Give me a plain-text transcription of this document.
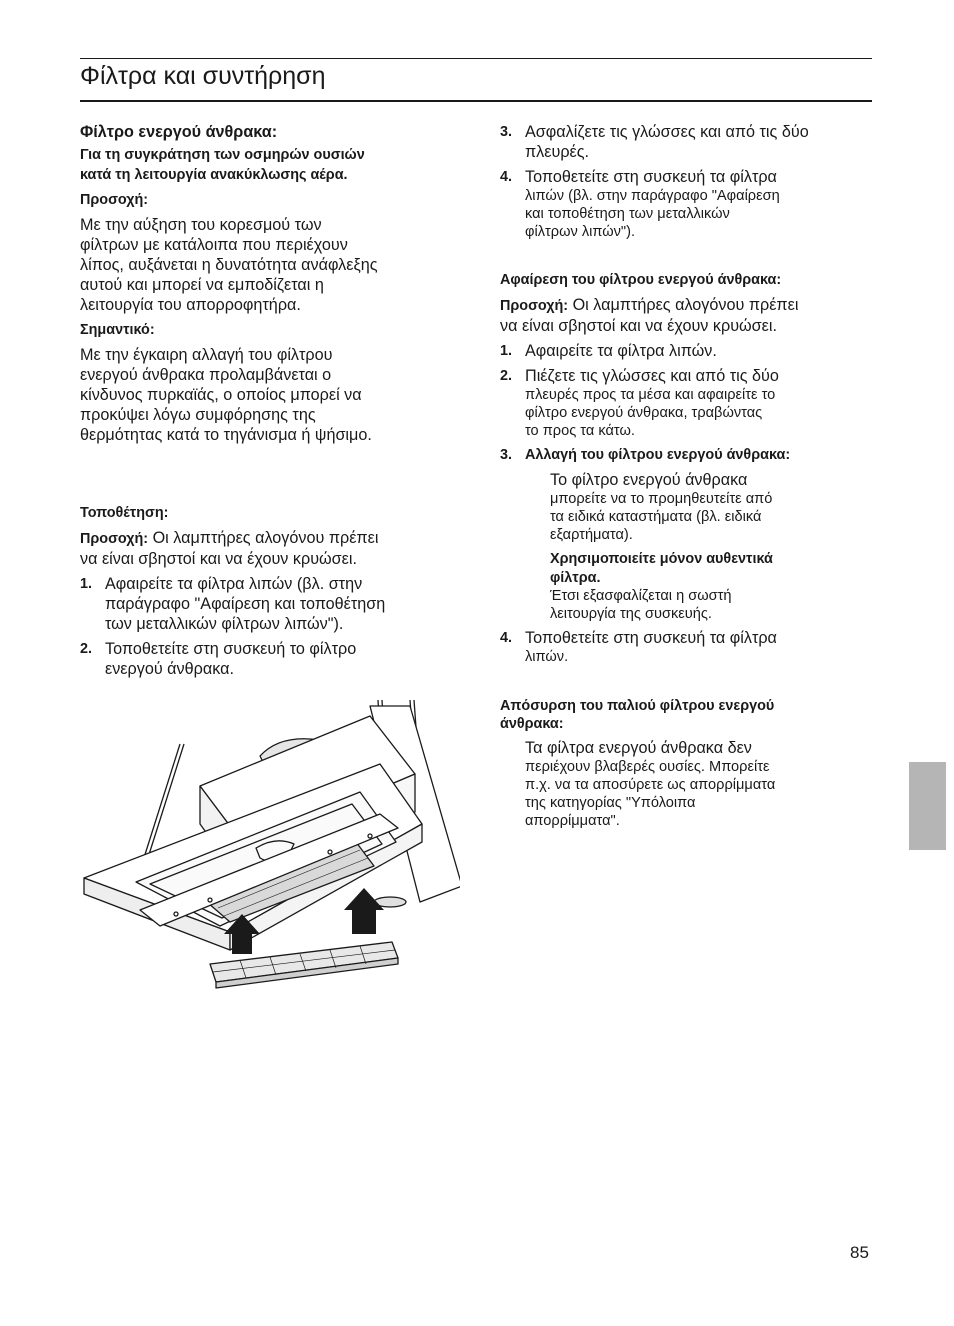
Φίλτρα και συντήρηση
Φίλτρο ενεργού άνθρακα:
Για τη συγκράτηση των οσμηρών ουσιών
κατά τη λειτουργία ανακύκλωσης αέρα.
Προσοχή:
Με την αύξηση του κορεσμού των
φίλτρων με κατάλοιπα που περιέχουν
λίπος, αυξάνεται η δυνατότητα ανάφλεξης
αυτού και μπορεί να εμποδίζεται η
λειτουργία του απορροφητήρα.
Σημαντικό:
Με την έγκαιρη αλλαγή του φίλτρου
ενεργού άνθρακα προλαμβάνεται ο
κίνδυνος πυρκαϊάς, ο οποίος μπορεί να
προκύψει λόγω συμφόρησης της
θερμότητας κατά το τηγάνισμα ή ψήσιμο.
Τοποθέτηση:
Προσοχή: Οι λαμπτήρες αλογόνου πρέπει
να είναι σβηστοί και να έχουν κρυώσει.
1. Αφαιρείτε τα φίλτρα λιπών (βλ. στην
παράγραφο "Αφαίρεση και τοποθέτηση
των μεταλλικών φίλτρων λιπών").
2. Τοποθετείτε στη συσκευή το φίλτρο
ενεργού άνθρακα.
3. Ασφαλίζετε τις γλώσσες και από τις δύο
πλευρές.
4. Τοποθετείτε στη συσκευή τα φίλτρα
λιπών (βλ. στην παράγραφο "Αφαίρεση
και τοποθέτηση των μεταλλικών
φίλτρων λιπών").
Αφαίρεση του φίλτρου ενεργού άνθρακα:
Προσοχή: Οι λαμπτήρες αλογόνου πρέπει
να είναι σβηστοί και να έχουν κρυώσει.
1. Αφαιρείτε τα φίλτρα λιπών.
2. Πιέζετε τις γλώσσες και από τις δύο
πλευρές προς τα μέσα και αφαιρείτε το
φίλτρο ενεργού άνθρακα, τραβώντας
το προς τα κάτω.
3. Αλλαγή του φίλτρου ενεργού άνθρακα:
Το φίλτρο ενεργού άνθρακα
μπορείτε να το προμηθευτείτε από
τα ειδικά καταστήματα (βλ. ειδικά
εξαρτήματα).
Χρησιμοποιείτε μόνον αυθεντικά
φίλτρα.
Έτσι εξασφαλίζεται η σωστή
λειτουργία της συσκευής.
4. Τοποθετείτε στη συσκευή τα φίλτρα
λιπών.
Απόσυρση του παλιού φίλτρου ενεργού
άνθρακα:
Τα φίλτρα ενεργού άνθρακα δεν
περιέχουν βλαβερές ουσίες. Μπορείτε
π.χ. να τα αποσύρετε ως απορρίμματα
της κατηγορίας "Υπόλοιπα
απορρίμματα".
85
